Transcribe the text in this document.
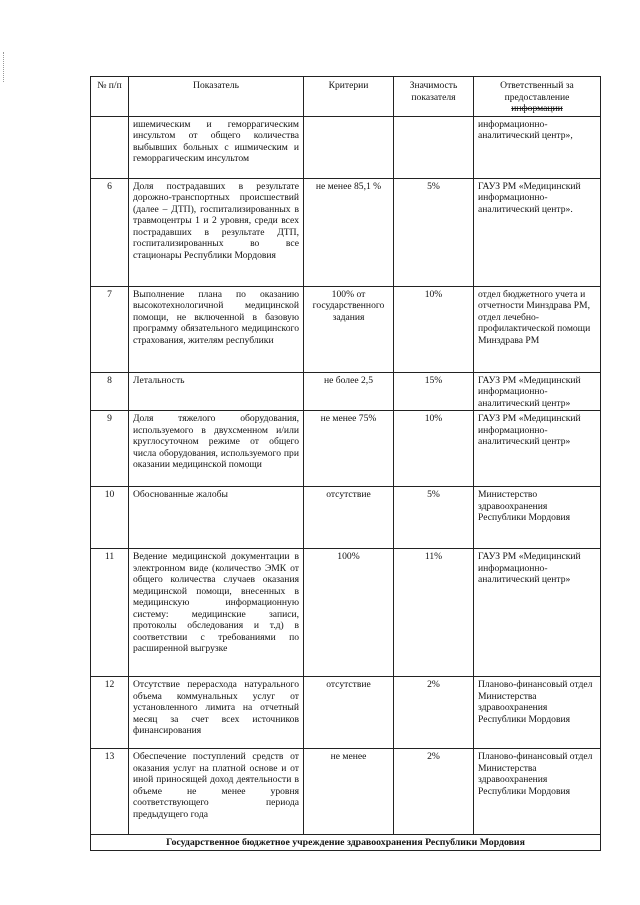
№ п/п	Показатель	Критерии	Значимость показателя	Ответственный за предоставление
информации
	ишемическим и геморрагическим инсультом от общего количества выбывших больных с ишмическим и геморрагическим инсультом			информационно-аналитический центр»,
6	Доля пострадавших в результате дорожно-транспортных происшествий (далее – ДТП), госпитализированных в травмоцентры 1 и 2 уровня, среди всех пострадавших в результате ДТП, госпитализированных во все стационары Республики Мордовия	не менее 85,1 %	5%	ГАУЗ РМ «Медицинский информационно-аналитический центр».
7	Выполнение плана по оказанию высокотехнологичной медицинской помощи, не включенной в базовую программу обязательного медицинского страхования, жителям республики	100% от государственного задания	10%	отдел бюджетного учета и отчетности Минздрава РМ, отдел лечебно-профилактической помощи Минздрава РМ
8	Летальность	не более 2,5	15%	ГАУЗ РМ «Медицинский информационно-аналитический центр»
9	Доля тяжелого оборудования, используемого в двухсменном и/или круглосуточном режиме от общего числа оборудования, используемого при оказании медицинской помощи	не менее 75%	10%	ГАУЗ РМ «Медицинский информационно-аналитический центр»
10	Обоснованные жалобы	отсутствие	5%	Министерство здравоохранения Республики Мордовия
11	Ведение медицинской документации в электронном виде (количество ЭМК от общего количества случаев оказания медицинской помощи, внесенных в медицинскую информационную систему: медицинские записи, протоколы обследования и т.д) в соответствии с требованиями по расширенной выгрузке	100%	11%	ГАУЗ РМ «Медицинский информационно-аналитический центр»
12	Отсутствие перерасхода натурального объема коммунальных услуг от установленного лимита на отчетный месяц за счет всех источников финансирования	отсутствие	2%	Планово-финансовый отдел Министерства здравоохранения Республики Мордовия
13	Обеспечение поступлений средств от оказания услуг на платной основе и от иной приносящей доход деятельности в объеме не менее уровня соответствующего периода предыдущего года	не менее	2%	Планово-финансовый отдел Министерства здравоохранения Республики Мордовия
Государственное бюджетное учреждение здравоохранения Республики Мордовия				
